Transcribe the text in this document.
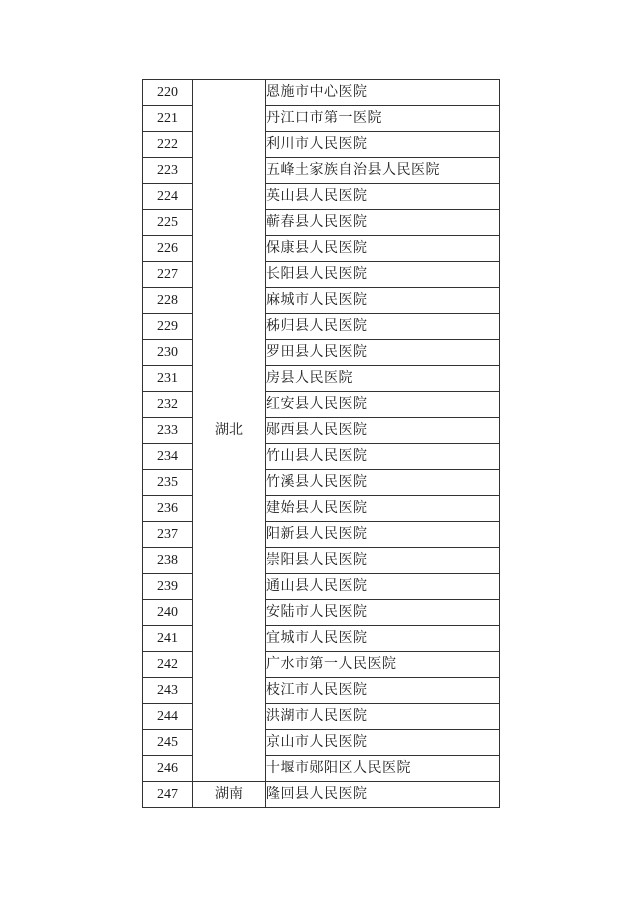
220	湖北	恩施市中心医院
221		丹江口市第一医院
222		利川市人民医院
223		五峰土家族自治县人民医院
224		英山县人民医院
225		蕲春县人民医院
226		保康县人民医院
227		长阳县人民医院
228		麻城市人民医院
229		秭归县人民医院
230		罗田县人民医院
231		房县人民医院
232		红安县人民医院
233		郧西县人民医院
234		竹山县人民医院
235		竹溪县人民医院
236		建始县人民医院
237		阳新县人民医院
238		崇阳县人民医院
239		通山县人民医院
240		安陆市人民医院
241		宜城市人民医院
242		广水市第一人民医院
243		枝江市人民医院
244		洪湖市人民医院
245		京山市人民医院
246		十堰市郧阳区人民医院
247	湖南	隆回县人民医院
